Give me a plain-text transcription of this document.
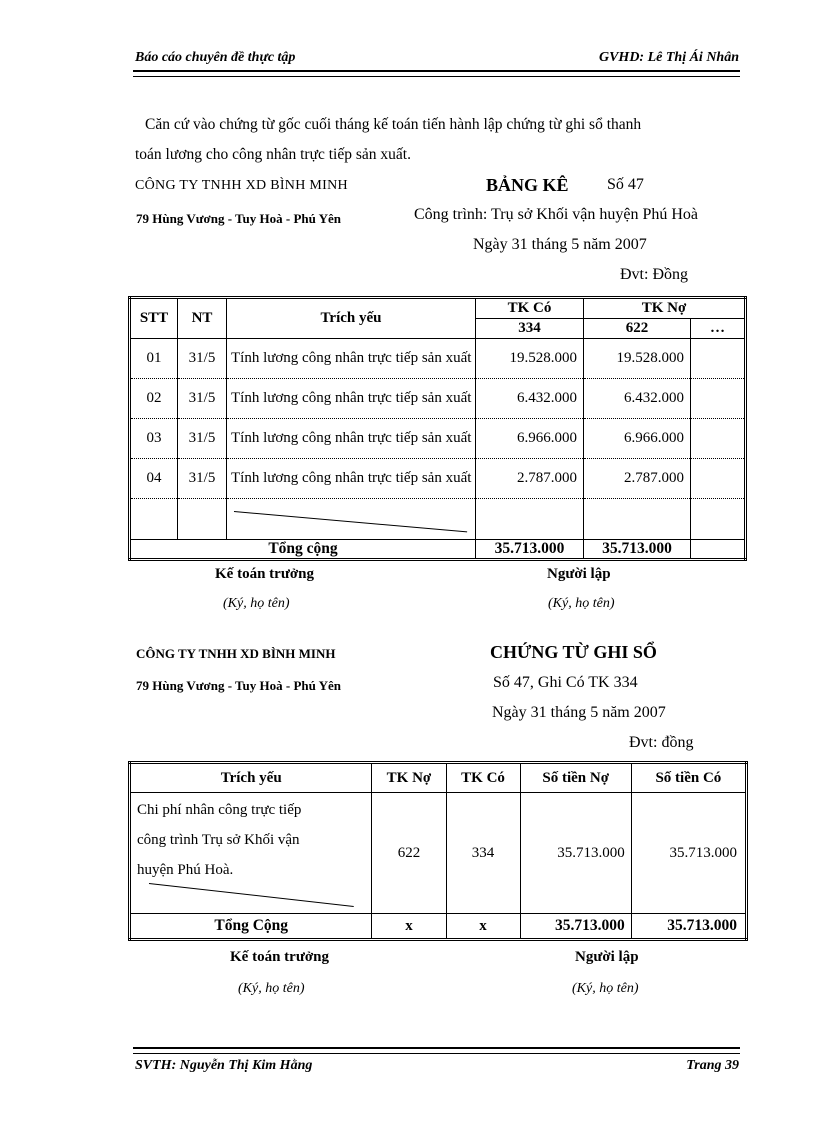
Báo cáo chuyên đề thực tập	GVHD: Lê Thị Ái Nhân
Căn cứ vào chứng từ gốc cuối tháng kế toán tiến hành lập chứng từ ghi sổ thanh
toán lương cho công nhân trực tiếp sản xuất.
CÔNG TY TNHH XD BÌNH MINH
79 Hùng Vương - Tuy Hoà - Phú Yên
BẢNG KÊ Số 47
Công trình: Trụ sở Khối vận huyện Phú Hoà
Ngày 31 tháng 5 năm 2007
Đvt: Đồng
STT	NT	Trích yếu	TK Có	TK Nợ	
			334	622	…
01	31/5	Tính lương công nhân trực tiếp sản xuất	19.528.000	19.528.000	
02	31/5	Tính lương công nhân trực tiếp sản xuất	6.432.000	6.432.000	
03	31/5	Tính lương công nhân trực tiếp sản xuất	6.966.000	6.966.000	
04	31/5	Tính lương công nhân trực tiếp sản xuất	2.787.000	2.787.000	

Tổng cộng			35.713.000	35.713.000	
Kế toán trưởng
(Ký, họ tên)
Người lập
(Ký, họ tên)
CÔNG TY TNHH XD BÌNH MINH
79 Hùng Vương - Tuy Hoà - Phú Yên
CHỨNG TỪ GHI SỔ
Số 47, Ghi Có TK 334
Ngày 31 tháng 5 năm 2007
Đvt: đồng
Trích yếu	TK Nợ	TK Có	Số tiền Nợ	Số tiền Có

Chi phí nhân công trực tiếp
công trình Trụ sở Khối vận
huyện Phú Hoà.	622	334	35.713.000	35.713.000
Tổng Cộng	x	x	35.713.000	35.713.000
Kế toán trưởng
(Ký, họ tên)
Người lập
(Ký, họ tên)
SVTH: Nguyễn Thị Kim Hằng	Trang 39
